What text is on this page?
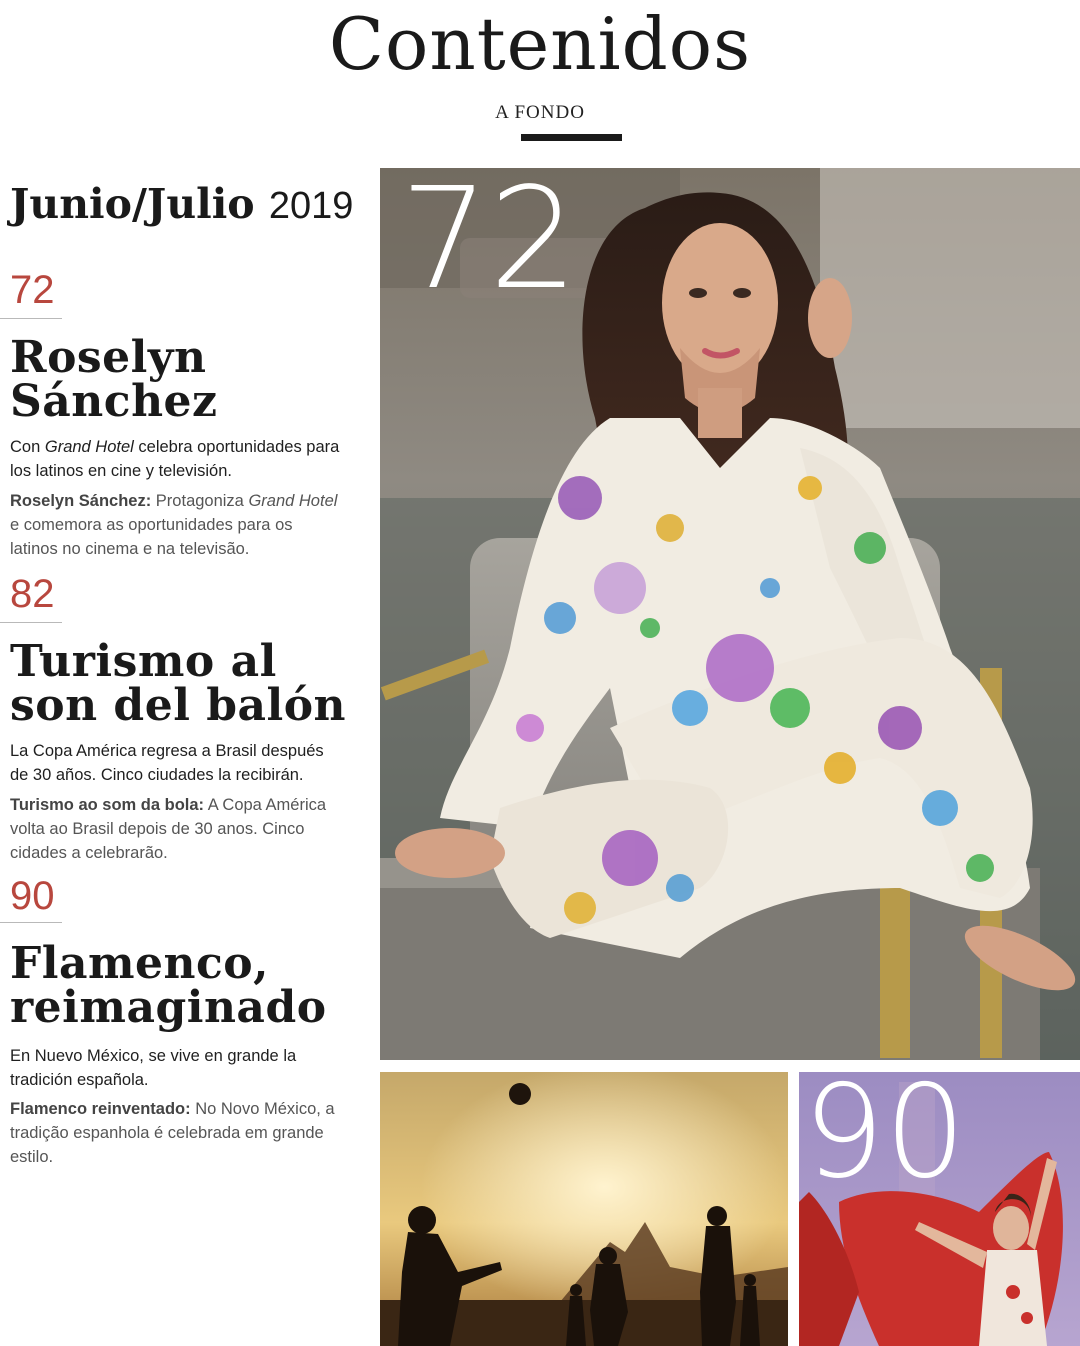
Contenidos
A FONDO
Junio/Julio 2019
72
Roselyn
Sánchez
Con Grand Hotel celebra oportunidades para los latinos en cine y televisión.
Roselyn Sánchez: Protagoniza Grand Hotel e comemora as oportunidades para os latinos no cinema e na televisão.
82
Turismo al
son del balón
La Copa América regresa a Brasil después de 30 años. Cinco ciudades la recibirán.
Turismo ao som da bola: A Copa América volta ao Brasil depois de 30 anos. Cinco cidades a celebrarão.
90
Flamenco,
reimaginado
En Nuevo México, se vive en grande la tradición española.
Flamenco reinventado: No Novo México, a tradição espanhola é celebrada em grande estilo.
72
90
